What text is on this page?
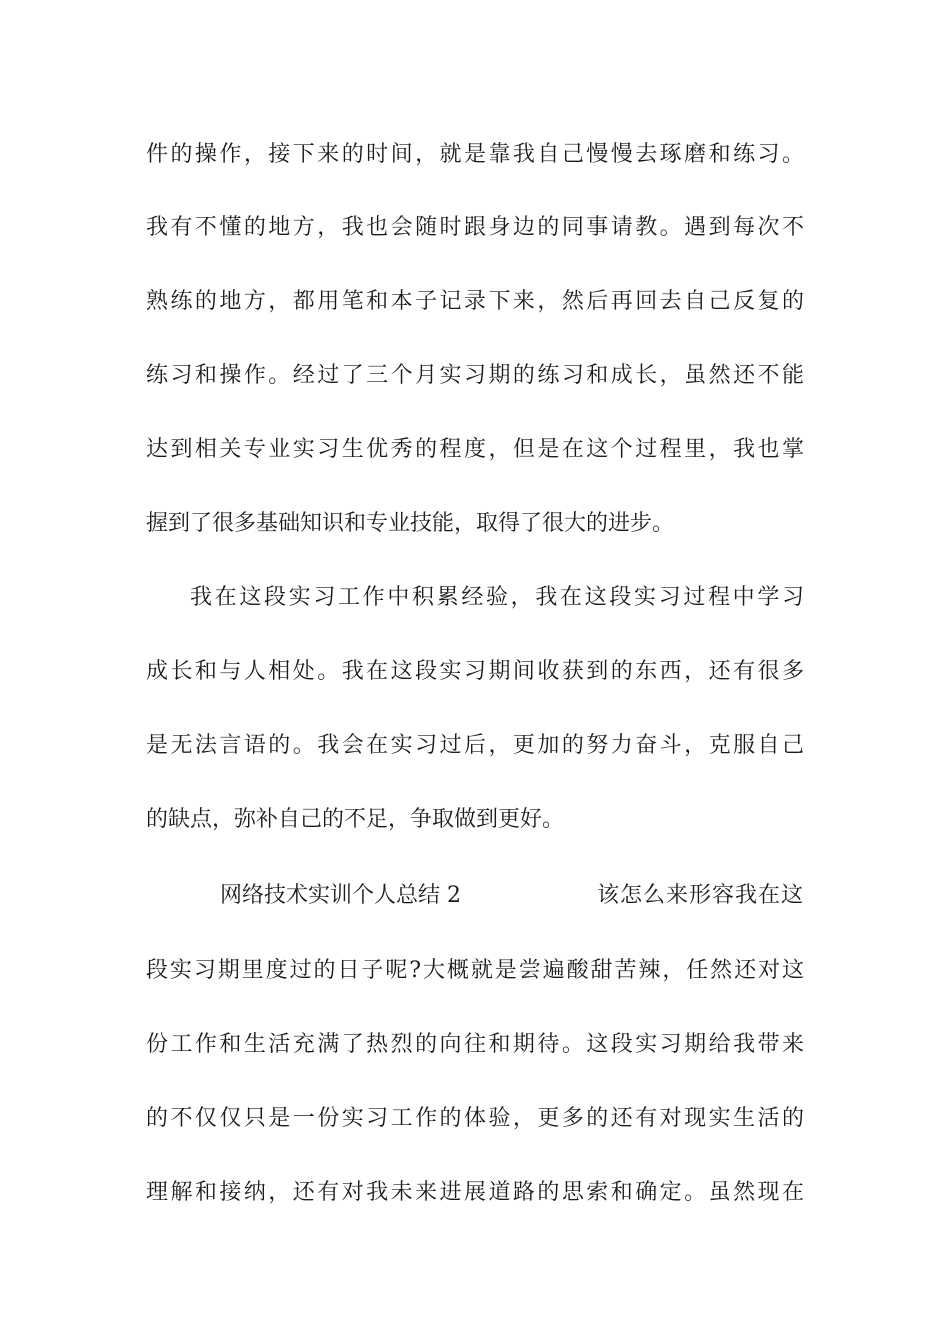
件的操作，接下来的时间，就是靠我自己慢慢去琢磨和练习。
我有不懂的地方，我也会随时跟身边的同事请教。遇到每次不
熟练的地方，都用笔和本子记录下来，然后再回去自己反复的
练习和操作。经过了三个月实习期的练习和成长，虽然还不能
达到相关专业实习生优秀的程度，但是在这个过程里，我也掌
握到了很多基础知识和专业技能，取得了很大的进步。
我在这段实习工作中积累经验，我在这段实习过程中学习
成长和与人相处。我在这段实习期间收获到的东西，还有很多
是无法言语的。我会在实习过后，更加的努力奋斗，克服自己
的缺点，弥补自己的不足，争取做到更好。
网络技术实训个人总结 2	该怎么来形容我在这
段实习期里度过的日子呢?大概就是尝遍酸甜苦辣，任然还对这
份工作和生活充满了热烈的向往和期待。这段实习期给我带来
的不仅仅只是一份实习工作的体验，更多的还有对现实生活的
理解和接纳，还有对我未来进展道路的思索和确定。虽然现在
